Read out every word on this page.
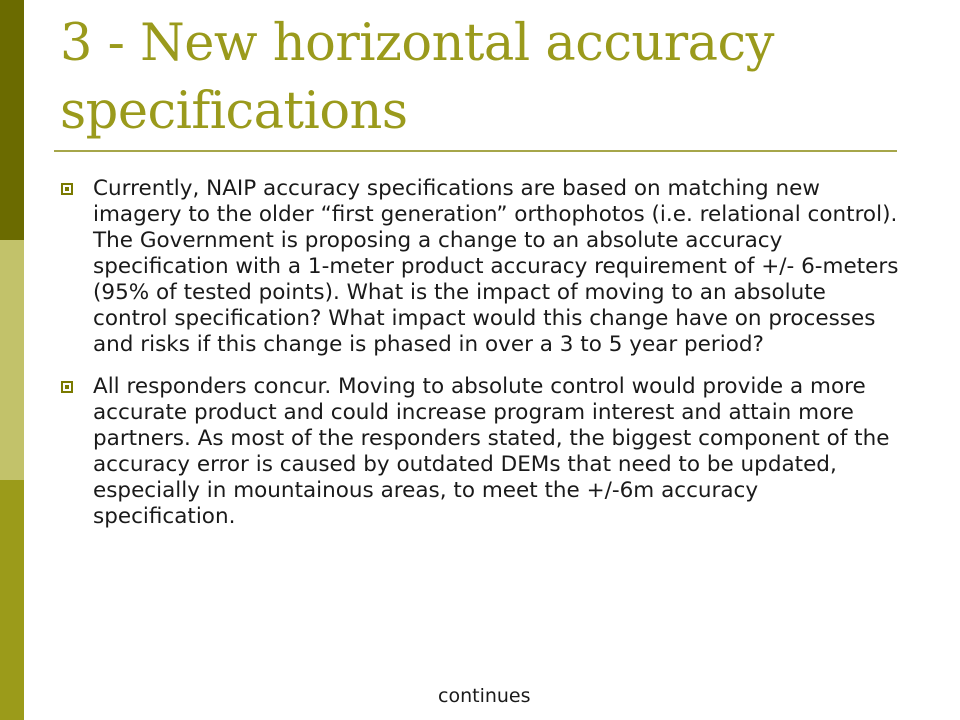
3 - New horizontal accuracy specifications
Currently, NAIP accuracy specifications are based on matching new imagery to the older “first generation” orthophotos (i.e. relational control). The Government is proposing a change to an absolute accuracy specification with a 1-meter product accuracy requirement of +/- 6-meters (95% of tested points). What is the impact of moving to an absolute control specification? What impact would this change have on processes and risks if this change is phased in over a 3 to 5 year period?
All responders concur. Moving to absolute control would provide a more accurate product and could increase program interest and attain more partners. As most of the responders stated, the biggest component of the accuracy error is caused by outdated DEMs that need to be updated, especially in mountainous areas, to meet the +/-6m accuracy specification.

continues
